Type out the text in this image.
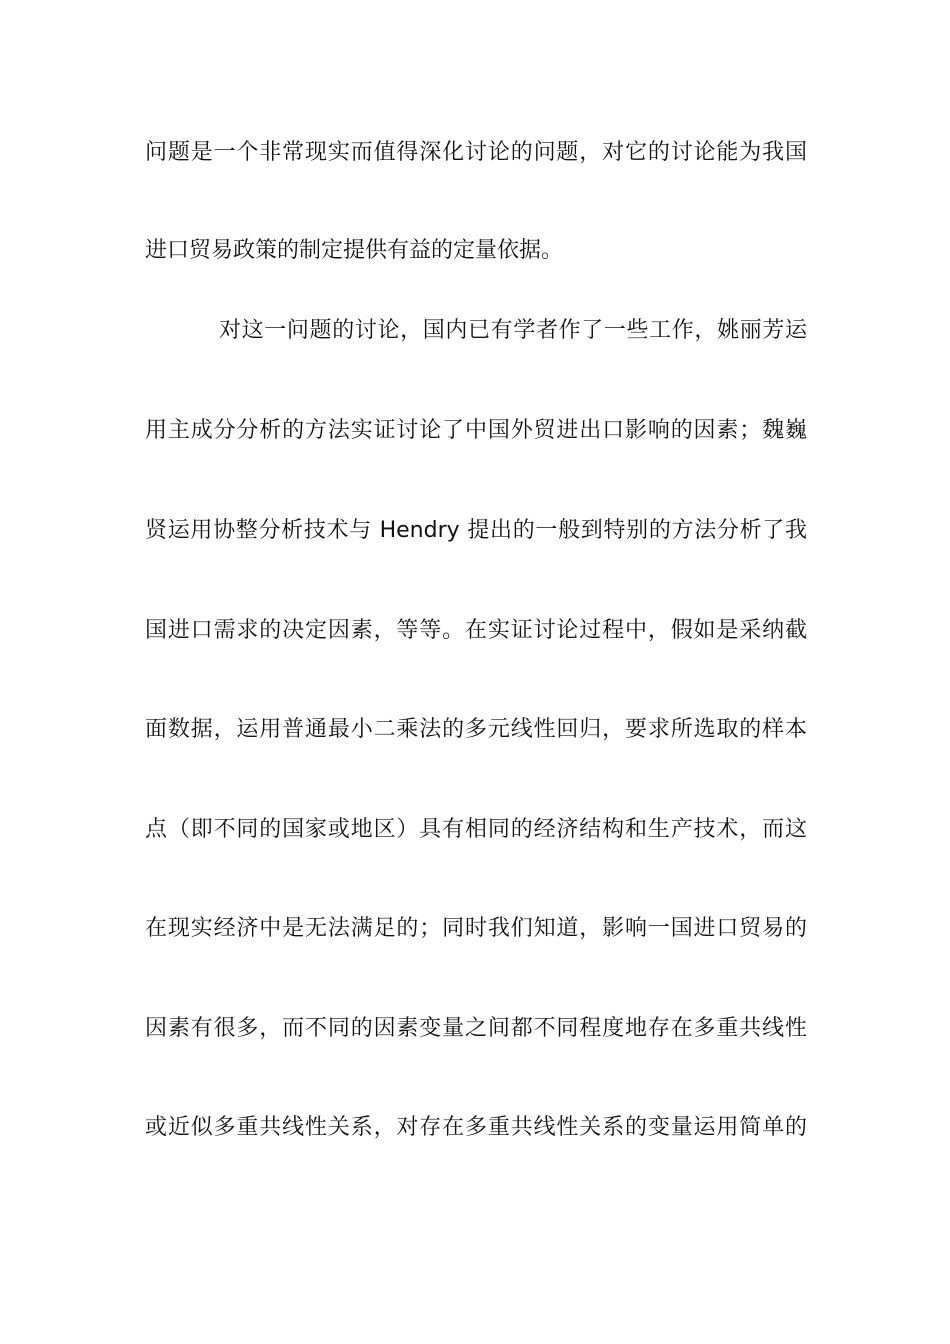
问题是一个非常现实而值得深化讨论的问题，对它的讨论能为我国
进口贸易政策的制定提供有益的定量依据。
对这一问题的讨论，国内已有学者作了一些工作，姚丽芳运
用主成分分析的方法实证讨论了中国外贸进出口影响的因素；魏巍
贤运用协整分析技术与 Hendry 提出的一般到特别的方法分析了我
国进口需求的决定因素，等等。在实证讨论过程中，假如是采纳截
面数据，运用普通最小二乘法的多元线性回归，要求所选取的样本
点（即不同的国家或地区）具有相同的经济结构和生产技术，而这
在现实经济中是无法满足的；同时我们知道，影响一国进口贸易的
因素有很多，而不同的因素变量之间都不同程度地存在多重共线性
或近似多重共线性关系，对存在多重共线性关系的变量运用简单的
